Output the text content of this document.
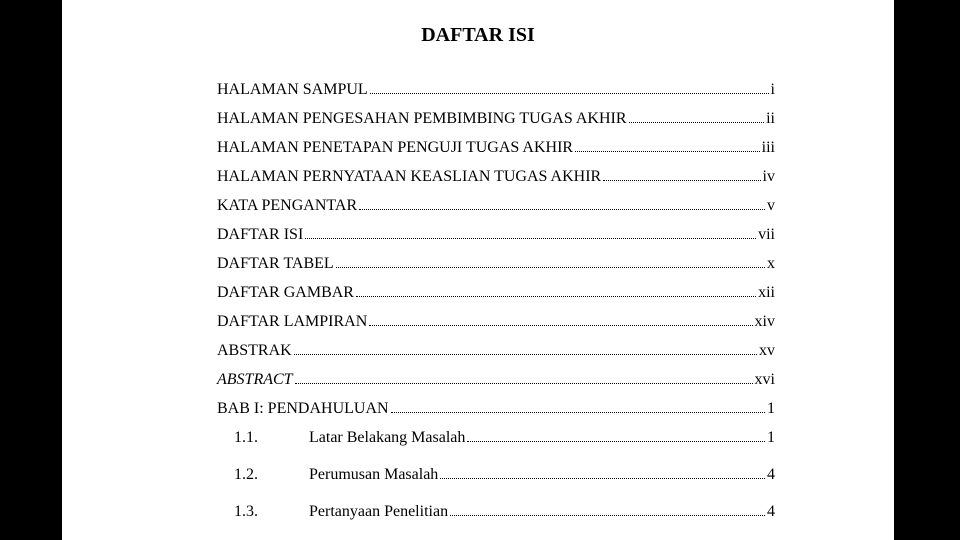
DAFTAR ISI
HALAMAN SAMPUL	i
HALAMAN PENGESAHAN PEMBIMBING TUGAS AKHIR	ii
HALAMAN PENETAPAN PENGUJI TUGAS AKHIR	iii
HALAMAN PERNYATAAN KEASLIAN TUGAS AKHIR	iv
KATA PENGANTAR	v
DAFTAR ISI	vii
DAFTAR TABEL	x
DAFTAR GAMBAR	xii
DAFTAR LAMPIRAN	xiv
ABSTRAK	xv
ABSTRACT	xvi
BAB I: PENDAHULUAN	1
1.1.	Latar Belakang Masalah	1
1.2.	Perumusan Masalah	4
1.3.	Pertanyaan Penelitian	4
